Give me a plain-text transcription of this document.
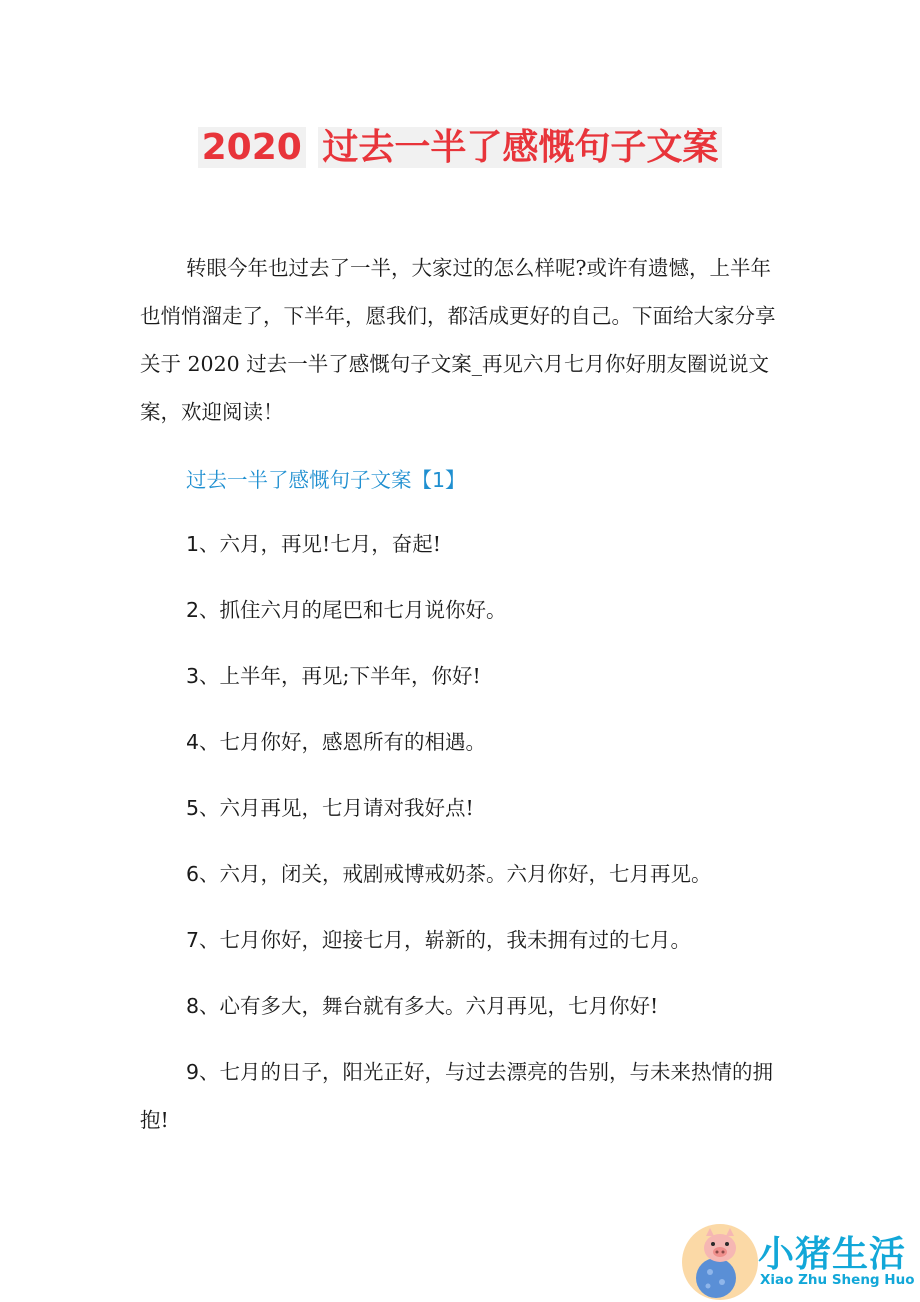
2020 过去一半了感慨句子文案

转眼今年也过去了一半，大家过的怎么样呢?或许有遗憾，上半年也悄悄溜走了，下半年，愿我们，都活成更好的自己。下面给大家分享关于 2020 过去一半了感慨句子文案_再见六月七月你好朋友圈说说文案，欢迎阅读！

过去一半了感慨句子文案【1】

1、六月，再见!七月，奋起!

2、抓住六月的尾巴和七月说你好。

3、上半年，再见;下半年，你好!

4、七月你好，感恩所有的相遇。

5、六月再见，七月请对我好点!

6、六月，闭关，戒剧戒博戒奶茶。六月你好，七月再见。

7、七月你好，迎接七月，崭新的，我未拥有过的七月。

8、心有多大，舞台就有多大。六月再见，七月你好!

9、七月的日子，阳光正好，与过去漂亮的告别，与未来热情的拥抱!

小猪生活
Xiao Zhu Sheng Huo
